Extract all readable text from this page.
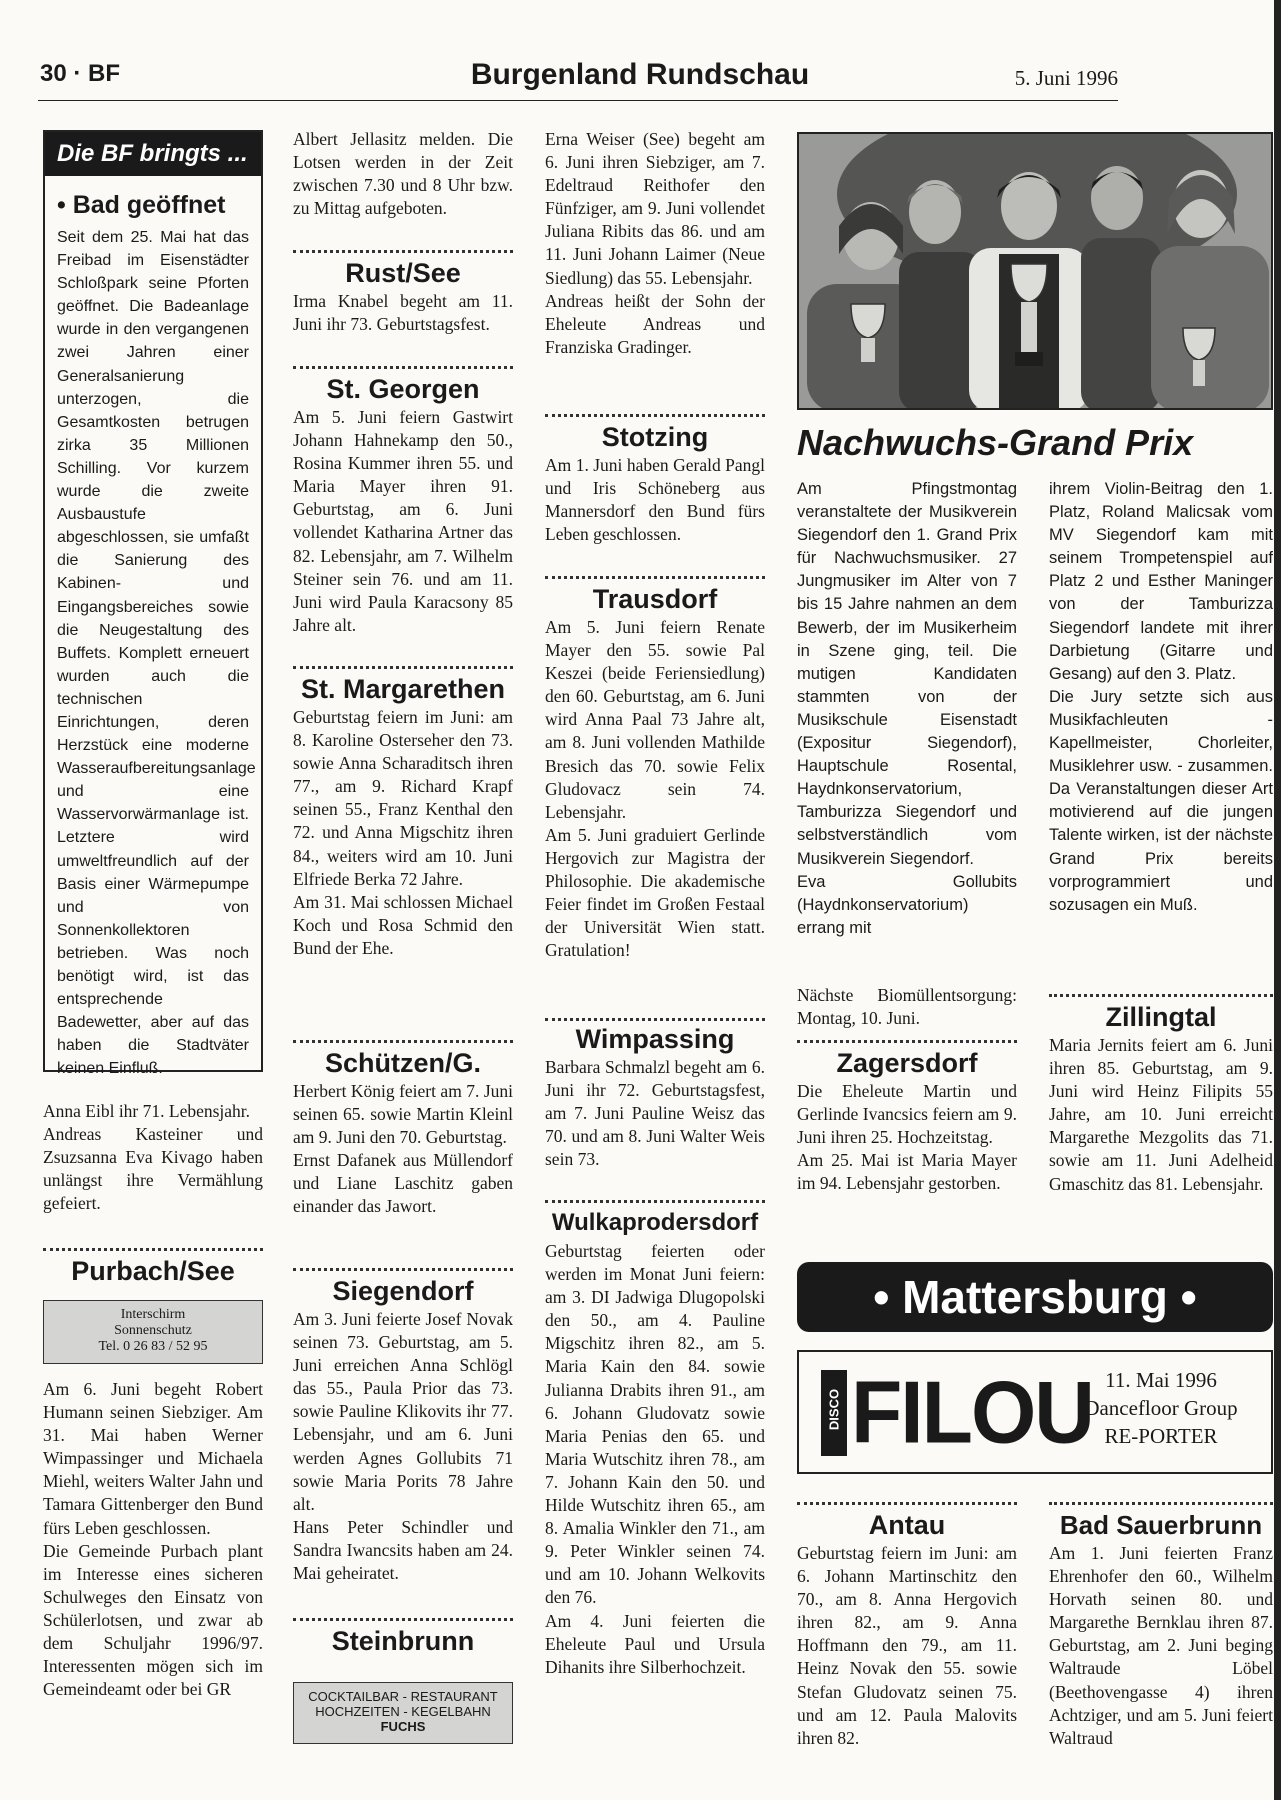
30 · BF	Burgenland Rundschau	5. Juni 1996
Die BF bringts ...
• Bad geöffnet

Seit dem 25. Mai hat das Freibad im Eisenstädter Schloßpark seine Pforten geöffnet. Die Badeanlage wurde in den vergangenen zwei Jahren einer Generalsanierung unterzogen, die Gesamtkosten betrugen zirka 35 Millionen Schilling. Vor kurzem wurde die zweite Ausbaustufe abgeschlossen, sie umfaßt die Sanierung des Kabinen- und Eingangsbereiches sowie die Neugestaltung des Buffets. Komplett erneuert wurden auch die technischen Einrichtungen, deren Herzstück eine moderne Wasseraufbereitungsanlage und eine Wasservorwärmanlage ist. Letztere wird umweltfreundlich auf der Basis einer Wärmepumpe und von Sonnenkollektoren betrieben. Was noch benötigt wird, ist das entsprechende Badewetter, aber auf das haben die Stadtväter keinen Einfluß.

Anna Eibl ihr 71. Lebensjahr.

Andreas Kasteiner und Zsuzsanna Eva Kivago haben unlängst ihre Vermählung gefeiert.

Purbach/See
Interschirm
Sonnenschutz
Tel. 0 26 83 / 52 95

Am 6. Juni begeht Robert Humann seinen Siebziger. Am 31. Mai haben Werner Wimpassinger und Michaela Miehl, weiters Walter Jahn und Tamara Gittenberger den Bund fürs Leben geschlossen.

Die Gemeinde Purbach plant im Interesse eines sicheren Schulweges den Einsatz von Schülerlotsen, und zwar ab dem Schuljahr 1996/97. Interessenten mögen sich im Gemeindeamt oder bei GR

Albert Jellasitz melden. Die Lotsen werden in der Zeit zwischen 7.30 und 8 Uhr bzw. zu Mittag aufgeboten.

Rust/See

Irma Knabel begeht am 11. Juni ihr 73. Geburtstagsfest.

St. Georgen

Am 5. Juni feiern Gastwirt Johann Hahnekamp den 50., Rosina Kummer ihren 55. und Maria Mayer ihren 91. Geburtstag, am 6. Juni vollendet Katharina Artner das 82. Lebensjahr, am 7. Wilhelm Steiner sein 76. und am 11. Juni wird Paula Karacsony 85 Jahre alt.

St. Margarethen

Geburtstag feiern im Juni: am 8. Karoline Osterseher den 73. sowie Anna Scharaditsch ihren 77., am 9. Richard Krapf seinen 55., Franz Kenthal den 72. und Anna Migschitz ihren 84., weiters wird am 10. Juni Elfriede Berka 72 Jahre.

Am 31. Mai schlossen Michael Koch und Rosa Schmid den Bund der Ehe.

Schützen/G.

Herbert König feiert am 7. Juni seinen 65. sowie Martin Kleinl am 9. Juni den 70. Geburtstag.

Ernst Dafanek aus Müllendorf und Liane Laschitz gaben einander das Jawort.

Siegendorf

Am 3. Juni feierte Josef Novak seinen 73. Geburtstag, am 5. Juni erreichen Anna Schlögl das 55., Paula Prior das 73. sowie Pauline Klikovits ihr 77. Lebensjahr, und am 6. Juni werden Agnes Gollubits 71 sowie Maria Porits 78 Jahre alt.

Hans Peter Schindler und Sandra Iwancsits haben am 24. Mai geheiratet.

Steinbrunn
COCKTAILBAR - RESTAURANT
HOCHZEITEN - KEGELBAHN
FUCHS

Erna Weiser (See) begeht am 6. Juni ihren Siebziger, am 7. Edeltraud Reithofer den Fünfziger, am 9. Juni vollendet Juliana Ribits das 86. und am 11. Juni Johann Laimer (Neue Siedlung) das 55. Lebensjahr.

Andreas heißt der Sohn der Eheleute Andreas und Franziska Gradinger.

Stotzing

Am 1. Juni haben Gerald Pangl und Iris Schöneberg aus Mannersdorf den Bund fürs Leben geschlossen.

Trausdorf

Am 5. Juni feiern Renate Mayer den 55. sowie Pal Keszei (beide Feriensiedlung) den 60. Geburtstag, am 6. Juni wird Anna Paal 73 Jahre alt, am 8. Juni vollenden Mathilde Bresich das 70. sowie Felix Gludovacz sein 74. Lebensjahr.

Am 5. Juni graduiert Gerlinde Hergovich zur Magistra der Philosophie. Die akademische Feier findet im Großen Festaal der Universität Wien statt. Gratulation!

Wimpassing

Barbara Schmalzl begeht am 6. Juni ihr 72. Geburtstagsfest, am 7. Juni Pauline Weisz das 70. und am 8. Juni Walter Weis sein 73.

Wulkaprodersdorf

Geburtstag feierten oder werden im Monat Juni feiern: am 3. DI Jadwiga Dlugopolski den 50., am 4. Pauline Migschitz ihren 82., am 5. Maria Kain den 84. sowie Julianna Drabits ihren 91., am 6. Johann Gludovatz sowie Maria Penias den 65. und Maria Wutschitz ihren 78., am 7. Johann Kain den 50. und Hilde Wutschitz ihren 65., am 8. Amalia Winkler den 71., am 9. Peter Winkler seinen 74. und am 10. Johann Welkovits den 76.

Am 4. Juni feierten die Eheleute Paul und Ursula Dihanits ihre Silberhochzeit.

Nachwuchs-Grand Prix

Am Pfingstmontag veranstaltete der Musikverein Siegendorf den 1. Grand Prix für Nachwuchsmusiker. 27 Jungmusiker im Alter von 7 bis 15 Jahre nahmen an dem Bewerb, der im Musikerheim in Szene ging, teil. Die mutigen Kandidaten stammten von der Musikschule Eisenstadt (Expositur Siegendorf), Hauptschule Rosental, Haydnkonservatorium, Tamburizza Siegendorf und selbstverständlich vom Musikverein Siegendorf.

Eva Gollubits (Haydnkonservatorium) errang mit

ihrem Violin-Beitrag den 1. Platz, Roland Malicsak vom MV Siegendorf kam mit seinem Trompetenspiel auf Platz 2 und Esther Maninger von der Tamburizza Siegendorf landete mit ihrer Darbietung (Gitarre und Gesang) auf den 3. Platz.

Die Jury setzte sich aus Musikfachleuten - Kapellmeister, Chorleiter, Musiklehrer usw. - zusammen. Da Veranstaltungen dieser Art motivierend auf die jungen Talente wirken, ist der nächste Grand Prix bereits vorprogrammiert und sozusagen ein Muß.

Nächste Biomüllentsorgung: Montag, 10. Juni.

Zagersdorf

Die Eheleute Martin und Gerlinde Ivancsics feiern am 9. Juni ihren 25. Hochzeitstag.

Am 25. Mai ist Maria Mayer im 94. Lebensjahr gestorben.

Zillingtal

Maria Jernits feiert am 6. Juni ihren 85. Geburtstag, am 9. Juni wird Heinz Filipits 55 Jahre, am 10. Juni erreicht Margarethe Mezgolits das 71. sowie am 11. Juni Adelheid Gmaschitz das 81. Lebensjahr.

• Mattersburg •
DISCO FILOU 11. Mai 1996
Dancefloor Group
RE-PORTER
Antau

Geburtstag feiern im Juni: am 6. Johann Martinschitz den 70., am 8. Anna Hergovich ihren 82., am 9. Anna Hoffmann den 79., am 11. Heinz Novak den 55. sowie Stefan Gludovatz seinen 75. und am 12. Paula Malovits ihren 82.

Bad Sauerbrunn

Am 1. Juni feierten Franz Ehrenhofer den 60., Wilhelm Horvath seinen 80. und Margarethe Bernklau ihren 87. Geburtstag, am 2. Juni beging Waltraude Löbel (Beethovengasse 4) ihren Achtziger, und am 5. Juni feiert Waltraud
